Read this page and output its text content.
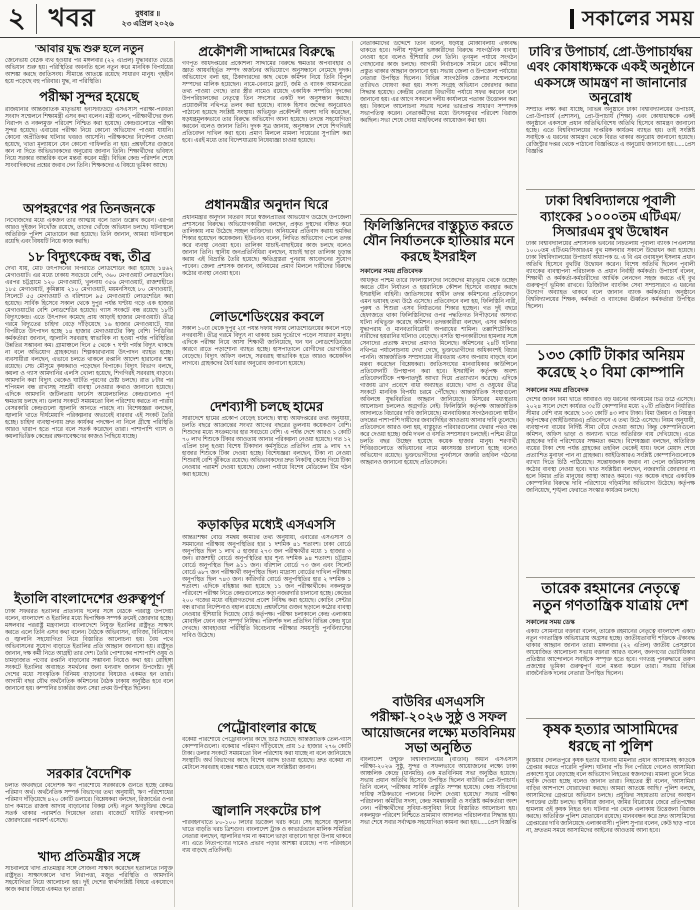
২ খবর	বুধবার ॥
২৩ এপ্রিল ২০২৬	সকালের সময়
'আবার যুদ্ধ শুরু হলে নতুন
জেনেভায় বৈঠক ব্যর্থ হওয়ার পর মঙ্গলবার (২২ এপ্রিল) যুদ্ধবিরতি ভেঙে অভিযান শুরু হয়। পরিস্থিতির অবনতি হলে নতুন করে মানবিক বিপর্যয়ের আশঙ্কা করছে জাতিসংঘ। সীমান্তে আতঙ্কে রয়েছে সাধারণ মানুষ। গৃহহীন হয়ে পড়েছে বহু পরিবার। যুদ্ধ, না পরিস্থিতি।
পরীক্ষা সুন্দর হয়েছে
রাজধানীর আন্তর্জাতিক মাতৃভাষা ইনস্টিটিউটে এসএসসি পরীক্ষা-পরবর্তী সংবাদ সম্মেলনে শিক্ষামন্ত্রী এসব কথা বলেন। মন্ত্রী বলেন, পরীক্ষার্থীদের জন্য নিরাপদ ও নকলমুক্ত পরিবেশ নিশ্চিত করা হয়েছে। কেন্দ্রগুলোতে পরীক্ষা সুন্দর হয়েছে। এবারের পরীক্ষা নিয়ে কোনো অভিযোগ পাওয়া যায়নি। কোনো অপ্রীতিকর ঘটনার খবরও আসেনি। পরীক্ষকদের নির্দেশনা দেওয়া হয়েছে, খাতা মূল্যায়নে যেন কোনো গাফিলতি না হয়। প্রশ্নফাঁসের গুজবে কান না দিতে অভিভাবকদের অনুরোধ জানান তিনি। শিক্ষার্থীদের ভবিষ্যৎ নিয়ে সরকার আন্তরিক বলে মন্তব্য করেন মন্ত্রী। বিভিন্ন কেন্দ্র পরিদর্শন শেষে সাংবাদিকদের প্রশ্নের জবাব দেন তিনি। শিক্ষকদের এ বিষয়ে ভূমিকা আছে।
অপহরণের পর তিনজনকে
নিখোঁজদের মধ্যে একজন তার আত্মীয় বলে তিনি উল্লেখ করেন। এরপর আরও দুইজন নিখোঁজ রয়েছে, তাদের খোঁজে অভিযান চলছে। ঘটনাস্থলে অতিরিক্ত পুলিশ মোতায়েন করা হয়েছে। তিনি জানান, আমরা ঘটনাস্থলে রয়েছি এবং বিষয়টি নিয়ে কাজ করছি।
১৮ বিদ্যুৎকেন্দ্র বন্ধ, তীব্র
দেখা যায়, মোট উৎপাদনের বিপরীতে লোডশেডিং করা হয়েছে ১৪৬২ মেগাওয়াট। এর মধ্যে ঢাকায় সবচেয়ে বেশি, ৩৬০ মেগাওয়াট লোডশেডিং। এরপর চট্টগ্রামে ১২০ মেগাওয়াট, খুলনায় ৩৫৬ মেগাওয়াট, রাজশাহীতে ১৮৫ মেগাওয়াট, কুমিল্লায় ২১০ মেগাওয়াট, ময়মনসিংহে ৮০ মেগাওয়াট, সিলেটে ৫৫ মেগাওয়াট ও বরিশালে ৯৫ মেগাওয়াট লোডশেডিং করা হয়েছে। সার্বিক হিসেবে সকাল থেকে দুপুর পর্যন্ত ঘণ্টায় গড়ে এক হাজার মেগাওয়াটের বেশি লোডশেডিং হয়েছে। গ্যাস সংকটে বন্ধ রয়েছে ১৮টি বিদ্যুৎকেন্দ্র। এতে উৎপাদন কমেছে প্রায় আড়াই হাজার মেগাওয়াট। তীব্র গরমে বিদ্যুতের চাহিদা বেড়ে দাঁড়িয়েছে ১৬ হাজার মেগাওয়াটে, যার বিপরীতে উৎপাদন হচ্ছে ১৪ হাজার মেগাওয়াটের কিছু বেশি। পিডিবির কর্মকর্তারা জানান, জ্বালানি সরবরাহ স্বাভাবিক না হওয়া পর্যন্ত পরিস্থিতির উন্নতির সম্ভাবনা কম। গ্রামাঞ্চলে দিনে ৫ থেকে ৭ ঘণ্টা পর্যন্ত বিদ্যুৎ থাকছে না বলে অভিযোগ গ্রাহকদের। শিল্পকারখানায় উৎপাদন ব্যাহত হচ্ছে। ব্যবসায়ীরা বলছেন, এভাবে চলতে থাকলে রপ্তানি আদেশ হারানোর শঙ্কা রয়েছে। সেচ মৌসুমে কৃষকরাও পড়েছেন বিপাকে। বিদ্যুৎ বিভাগ বলছে, কয়লা ও গ্যাস আমদানির এলসি খোলা হয়েছে, শিগগিরই সরবরাহ বাড়বে। আমদানি করা বিদ্যুৎ থেকেও ঘাটতি পূরণের চেষ্টা চলছে। রাত ৮টার পর শপিংমল বন্ধ রাখাসহ সাশ্রয়ী ব্যবস্থা নেওয়ার কথাও জানানো হয়েছে। এদিকে আমদানি জটিলতায় ফার্নেস অয়েলচালিত কেন্দ্রগুলোও পূর্ণ ক্ষমতায় চলছে না। ডলার সংকটে সময়মতো বিল পরিশোধ করতে না পারায় বেসরকারি কেন্দ্রগুলো জ্বালানি আনতে পারছে না। বিশেষজ্ঞরা বলছেন, জ্বালানি খাতে দীর্ঘমেয়াদি পরিকল্পনার অভাবেই বারবার এই সংকট তৈরি হচ্ছে। চাহিদা ব্যবস্থাপনায় দ্রুত কার্যকর পদক্ষেপ না নিলে গ্রীষ্মে পরিস্থিতি আরও খারাপ হতে পারে বলে সতর্ক করেছেন তারা। পাশাপাশি গ্যাস ও কয়লাভিত্তিক কেন্দ্রের রক্ষণাবেক্ষণের কাজও পিছিয়ে যাচ্ছে।
ইতালি বাংলাদেশের গুরুত্বপূর্ণ
ঢাকা সফররত ইতালির প্রতিনিধি দলের সঙ্গে বৈঠকে পররাষ্ট্র উপদেষ্টা বলেন, বাংলাদেশ ও ইতালির মধ্যে দ্বিপাক্ষিক সম্পর্ক ক্রমেই জোরদার হচ্ছে। মঙ্গলবার পররাষ্ট্র মন্ত্রণালয়ে বাংলাদেশে নিযুক্ত ইতালির রাষ্ট্রদূত সাক্ষাৎ করতে এলে তিনি এসব কথা বলেন। বৈঠকে অভিবাসন, বাণিজ্য, বিনিয়োগ ও জ্বালানি সহযোগিতা নিয়ে বিস্তারিত আলোচনা হয়। বৈধ পথে অভিবাসনের সুযোগ বাড়াতে ইতালির প্রতি আহ্বান জানানো হয়। রাষ্ট্রদূত জানান, দক্ষ কর্মী নিতে আগ্রহী তার দেশ। তৈরি পোশাকের পাশাপাশি ওষুধ ও চামড়াজাত পণ্যের রপ্তানি বাড়ানোর সম্ভাবনা নিয়েও কথা হয়। রোহিঙ্গা সংকটে ইতালির অব্যাহত সমর্থনের জন্য ধন্যবাদ জানান উপদেষ্টা। দুই দেশের মধ্যে সাংস্কৃতিক বিনিময় বাড়ানোর বিষয়েও একমত হন তারা। আগামী বছর যৌথ অর্থনৈতিক কমিশনের বৈঠক ঢাকায় অনুষ্ঠিত হবে বলে জানানো হয়। কম্পানির চাকরির জন্য সেরা প্রথম উপস্থিত ছিলেন।
সরকার বৈদেশিক
চলতি অর্থবছরে বৈদেশিক ঋণ পরিশোধে সরকারকে গুনতে হচ্ছে রেকর্ড পরিমাণ অর্থ। অর্থনৈতিক সম্পর্ক বিভাগের তথ্য অনুযায়ী, ঋণ পরিশোধের পরিমাণ দাঁড়িয়েছে ৪২০ কোটি ডলারে। বিশ্লেষকরা বলছেন, রিজার্ভের ওপর চাপ কমাতে রাজস্ব আদায় বাড়ানোর বিকল্প নেই। নতুন ঋণচুক্তির ক্ষেত্রে সতর্ক থাকার পরামর্শও দিয়েছেন তারা। বাজেটে ঘাটতি ব্যবস্থাপনা জোরদারের পরামর্শ এসেছে।
খাদ্য প্রতিমন্ত্রীর সঙ্গে
সচিবালয়ে খাদ্য প্রতিমন্ত্রীর সঙ্গে সৌজন্য সাক্ষাৎ করেছেন ইতালিতে নিযুক্ত রাষ্ট্রদূত। সাক্ষাৎকালে খাদ্য নিরাপত্তা, মজুত পরিস্থিতি ও আমদানি সহযোগিতা নিয়ে আলোচনা হয়। দুই দেশের স্বার্থসংশ্লিষ্ট বিষয়ে একযোগে কাজ করার বিষয়ে একমত হন তারা।
প্রকৌশলী সাদ্দামের বিরুদ্ধে
গণপূর্ত অধিদপ্তরের প্রকৌশলী সাদ্দামের বিরুদ্ধে ক্ষমতার অপব্যবহার ও জ্ঞাত আয়বহির্ভূত সম্পদ অর্জনের অভিযোগে অনুসন্ধানে নেমেছে দুদক। অভিযোগে বলা হয়, ঠিকাদারদের কাছ থেকে কমিশন নিয়ে তিনি বিপুল সম্পদের মালিক হয়েছেন। নামে-বেনামে ফ্ল্যাট, জমি ও ব্যাংক আমানতের তথ্য পাওয়া গেছে। তার স্ত্রীর নামেও রয়েছে একাধিক সম্পত্তি। দুদকের উপপরিচালকের নেতৃত্বে তিন সদস্যের একটি দল অনুসন্ধান করছে। প্রয়োজনীয় নথিপত্র তলব করা হয়েছে। ব্যাংক হিসাব জব্দের অনুরোধও পাঠানো হয়েছে সংশ্লিষ্ট সংস্থায়। অভিযুক্ত প্রকৌশলী অবশ্য দাবি করেছেন, ষড়যন্ত্রমূলকভাবে তার বিরুদ্ধে অভিযোগ আনা হয়েছে। তদন্তে সহযোগিতা করবেন বলেও জানান তিনি। দুদক সূত্র জানায়, অনুসন্ধান শেষে শিগগিরই প্রতিবেদন দাখিল করা হবে। প্রমাণ মিললে মামলা দায়েরের সুপারিশ করা হবে। এরই মধ্যে তার বিদেশযাত্রায় নিষেধাজ্ঞা চাওয়া হয়েছে।
প্রধানমন্ত্রীর অনুদান ঘিরে
প্রধানমন্ত্রীর অনুদান বিতরণ ঘিরে স্বজনপ্রীতির অভিযোগ উঠেছে উপজেলা প্রশাসনের বিরুদ্ধে। অভিযোগকারীরা বলছেন, প্রকৃত দুস্থদের বঞ্চিত করে তালিকায় নাম উঠেছে সচ্ছল ব্যক্তিদের। অনিয়মের প্রতিবাদ করায় হুমকির শিকার হয়েছেন কয়েকজন। ইউএনও বলেন, লিখিত অভিযোগ পেলে তদন্ত করে ব্যবস্থা নেওয়া হবে। তালিকা যাচাই-বাছাইয়ের কাজ চলছে বলেও জানান তিনি। স্থানীয় জনপ্রতিনিধিরা বলছেন, যাচাই ছাড়া তালিকা চূড়ান্ত করায় এই বিভ্রান্তি তৈরি হয়েছে। ক্ষতিগ্রস্তরা পুনরায় আবেদনের সুযোগ পাবেন। জেলা প্রশাসক জানান, অনিয়মের প্রমাণ মিললে দায়ীদের বিরুদ্ধে কঠোর ব্যবস্থা নেওয়া হবে।
লোডশেডিংয়ের কবলে
সকাল ১০টা থেকে দুপুর ২টা পর্যন্ত দফায় দফায় লোডশেডিংয়ের কবলে পড়ে নগরবাসী। তীব্র গরমে বিদ্যুৎ না থাকায় চরম দুর্ভোগে পড়েন সাধারণ মানুষ। এদিকে পরীক্ষা নিয়ে আসা শিক্ষার্থী জানিয়েছে, ঘন ঘন লোডশেডিংয়ের কারণে রাতে পড়াশোনা ব্যাহত হচ্ছে। হাসপাতালে রোগীদের ভোগান্তিও বেড়েছে। বিদ্যুৎ অফিস বলছে, সরবরাহ স্বাভাবিক হতে আরও কয়েকদিন লাগবে। গ্রাহকদের ধৈর্য ধরার অনুরোধ জানানো হয়েছে।
দেশব্যাপী চলছে হামের
সারাদেশে হামের প্রকোপ বেড়েই চলেছে। স্বাস্থ্য অধিদপ্তরের তথ্য অনুযায়ী, চলতি বছরে আক্রান্তের সংখ্যা আগের বছরের তুলনায় কয়েকগুণ বেশি। শিশুদের মধ্যে সংক্রমণের হার সবচেয়ে বেশি। এ পর্যন্ত দেশে আরও ১ কোটি ৭০ লাখ শিশুকে টিকার আওতায় আনার পরিকল্পনা নেওয়া হয়েছে। গত ১২ এপ্রিল চালু হওয়া বিশেষ টিকাদান কর্মসূচিতে প্রতিদিন প্রায় ৯ লাখ ৭৭ হাজার শিশুকে টিকা দেওয়া হচ্ছে। বিশেষজ্ঞরা বলছেন, টিকা না নেওয়া শিশুরাই বেশি ঝুঁকিতে রয়েছে। অভিভাবকদের দ্রুত নিকটস্থ কেন্দ্রে গিয়ে টিকা নেওয়ার পরামর্শ দেওয়া হয়েছে। জেলা পর্যায়ে বিশেষ মেডিকেল টিম গঠন করা হয়েছে।
কড়াকড়ির মধ্যেই এসএসসি
আন্তঃশিক্ষা বোর্ড সমন্বয় কমিটির তথ্য অনুযায়ী, এবারের এসএসসি ও সমমানের পরীক্ষায় অনুপস্থিতির হার ১ দশমিক ৪১ শতাংশ। ঢাকা বোর্ডে অনুপস্থিত ছিল ১ লাখ ৫ হাজার ২৭৩ জন পরীক্ষার্থীর মধ্যে ১ হাজার ৩ জন। রাজশাহী বোর্ডে অনুপস্থিতির হার শূন্য দশমিক ৯৪ শতাংশ। চট্টগ্রাম বোর্ডে অনুপস্থিত ছিল ৯১১ জন। বরিশাল বোর্ডে ৭৩ জন এবং সিলেট বোর্ডে ৬৮৭ জন পরীক্ষার্থী অনুপস্থিত ছিল। মাদ্রাসা বোর্ডের দাখিল পরীক্ষায় অনুপস্থিত ছিল ৭৪৩ জন। কারিগরি বোর্ডে অনুপস্থিতির হার ২ দশমিক ১ শতাংশ। এদিকে বহিষ্কার করা হয়েছে ১১ জন পরীক্ষার্থীকে। নকলমুক্ত পরিবেশে পরীক্ষা নিতে কেন্দ্রগুলোতে কড়া নজরদারি চালানো হচ্ছে। কেন্দ্রের ২০০ গজের মধ্যে বহিরাগতদের প্রবেশ নিষিদ্ধ করা হয়েছে। কোচিং সেন্টার বন্ধ রাখার নির্দেশনাও বহাল রয়েছে। প্রশ্নফাঁসের গুজব ছড়ালে কঠোর ব্যবস্থা নেওয়ার হুঁশিয়ারি দিয়েছে বোর্ড কর্তৃপক্ষ। পরীক্ষা চলাকালে কেন্দ্র এলাকায় মোবাইল ফোন বহন সম্পূর্ণ নিষিদ্ধ। পরিদর্শক দল প্রতিদিন বিভিন্ন কেন্দ্র ঘুরে দেখছে। আবহাওয়া পরিস্থিতি বিবেচনায় পরীক্ষার সময়সূচি পুনর্বিন্যাসের দাবিও উঠেছে।
পেট্রোবাংলার কাছে
বকেয়া পরিশোধে পেট্রোবাংলার কাছে চিঠি দিয়েছে আন্তর্জাতিক তেল-গ্যাস কোম্পানিগুলো। বকেয়ার পরিমাণ দাঁড়িয়েছে প্রায় ১৫ হাজার ২৭৬ কোটি টাকা। ডলার সংকটে সময়মতো বিল পরিশোধ করা যাচ্ছে না বলে জানিয়েছে সংস্থাটি। অর্থ বিভাগের কাছে বিশেষ বরাদ্দ চাওয়া হয়েছে। দ্রুত বকেয়া না মেটালে সরবরাহ বন্ধের শঙ্কাও রয়েছে বলে সংশ্লিষ্টরা জানান।
জ্বালানি সংকটের চাপ
পরিবহনখাতে ৮০-১০০ লিটার ডিজেল খরচ করে। সেই হিসেবে জ্বালানি খাতে বাড়তি খরচ ত্রিশগুণ। বাংলাদেশ ট্রাক ও কাভার্ডভ্যান মালিক সমিতির নেতারা বলছেন, জ্বালানির দাম না কমালে ভাড়া বাড়ানো ছাড়া উপায় থাকবে না। এতে নিত্যপণ্যের দামেও প্রভাব পড়ার আশঙ্কা রয়েছে। পণ্য পরিবহনে ব্যয় বাড়ছে প্রতিদিনই।
নেতাকর্মীদের উদ্দেশে তিনি বলেন, ষড়যন্ত্র মোকাবিলায় ঐক্যবদ্ধ থাকতে হবে। দলীয় শৃঙ্খলা ভঙ্গকারীদের বিরুদ্ধে সাংগঠনিক ব্যবস্থা নেওয়া হবে বলেও হুঁশিয়ারি দেন তিনি। তৃণমূল পর্যায়ে সংগঠন গোছানোর কাজ চলছে। আগামী নির্বাচনকে সামনে রেখে কর্মীদের প্রস্তুত থাকার আহ্বান জানানো হয়। সভায় জেলা ও উপজেলা পর্যায়ের নেতারা উপস্থিত ছিলেন। বিভিন্ন সাংগঠনিক জেলার সম্মেলনের তারিখও ঘোষণা করা হয়। সদস্য সংগ্রহ অভিযান জোরদার করার সিদ্ধান্ত হয়েছে। কেন্দ্রীয় নেতারা বিভাগীয় পর্যায়ে সফর করবেন বলে জানানো হয়। এর আগে সকালে দলীয় কার্যালয়ে পতাকা উত্তোলন করা হয়। বিকালে আলোচনা সভায় দলের ভারপ্রাপ্ত সাধারণ সম্পাদক সভাপতিত্ব করেন। নেতাকর্মীদের মধ্যে উৎসবমুখর পরিবেশ বিরাজ করছিল। সভা শেষে দোয়া মাহফিলের আয়োজন করা হয়।
ফিলিস্তিনিদের বাস্তুচ্যুত করতে যৌন নির্যাতনকে হাতিয়ার মনে করছে ইসরাইল
সকালের সময় প্রতিবেদক
অধিকৃত পশ্চিম তীরে ফিলিস্তিনিদের নিজেদের মাতৃভূমি থেকে উচ্ছেদ করতে যৌন নির্যাতন ও হয়রানিকে কৌশল হিসেবে ব্যবহার করছে ইসরাইলি বাহিনী। জাতিসংঘের স্বাধীন তদন্ত কমিশনের প্রতিবেদনে এমন ভয়াবহ তথ্য উঠে এসেছে। প্রতিবেদনে বলা হয়, ফিলিস্তিনি নারী, পুরুষ ও শিশুরা এসব নির্যাতনের শিকার হচ্ছেন। গত দুই বছরে হেফাজতে থাকা ফিলিস্তিনিদের ওপর পদ্ধতিগত নিপীড়নের অসংখ্য ঘটনা নথিভুক্ত করেছে কমিশন। তদন্তকারীরা বলছেন, এসব কর্মকাণ্ড যুদ্ধাপরাধ ও মানবতাবিরোধী অপরাধের শামিল। তল্লাশিচৌকিতে নারীদের হয়রানির ঘটনাও বেড়েছে। বসতি স্থাপনকারীদের হামলার সঙ্গে সেনাদের প্রত্যক্ষ মদদের প্রমাণও মিলেছে। কমিশনের ২৪টি ঘটনার নথিপত্র পর্যালোচনায় দেখা গেছে, ভুক্তভোগীদের অধিকাংশই বিচার পাননি। আন্তর্জাতিক সম্প্রদায়ের নীরবতায় এসব অপরাধ বাড়ছে বলে মন্তব্য করেছেন বিশ্লেষকরা। জাতিসংঘের মানবাধিকার কাউন্সিলে প্রতিবেদনটি উপস্থাপন করা হবে। ইসরাইলি কর্তৃপক্ষ অবশ্য প্রতিবেদনটিকে পক্ষপাতদুষ্ট আখ্যা দিয়ে প্রত্যাখ্যান করেছে। এদিকে গাজায় ত্রাণ প্রবেশে বাধা অব্যাহত রয়েছে। খাদ্য ও ওষুধের তীব্র সংকটে মানবিক বিপর্যয় চরমে পৌঁছেছে। আন্তর্জাতিক সংস্থাগুলো অবিলম্বে যুদ্ধবিরতির আহ্বান জানিয়েছে। মিসরের মধ্যস্থতায় আলোচনা চললেও অগ্রগতি নেই। ফিলিস্তিনি কর্তৃপক্ষ আন্তর্জাতিক আদালতে বিচারের দাবি জানিয়েছে। মানবাধিকার সংগঠনগুলো স্বাধীন তদন্তের পাশাপাশি দায়ীদের জবাবদিহির আওতায় আনার দাবি তুলেছে। প্রতিবেদনে আরও বলা হয়, বাস্তুচ্যুত পরিবারগুলোর ফেরার পথও বন্ধ করে দেওয়া হচ্ছে। জমি দখল ও বসতি সম্প্রসারণ চলছেই। পশ্চিম তীরে চলতি বছর উচ্ছেদ হয়েছে কয়েক হাজার মানুষ। শরণার্থী শিবিরগুলোতে অভিযানের নামে ধ্বংসযজ্ঞ চালানো হচ্ছে বলেও অভিযোগ রয়েছে। ভুক্তভোগীদের পুনর্বাসনে জরুরি তহবিল গঠনের আহ্বানও জানানো হয়েছে প্রতিবেদনে।
বাউবির এসএসসি পরীক্ষা-২০২৬ সুষ্ঠু ও সফল আয়োজনের লক্ষ্যে মতবিনিময় সভা অনুষ্ঠিত
বাংলাদেশ উন্মুক্ত বিশ্ববিদ্যালয়ের (বাউবি) অধীন এসএসসি পরীক্ষা-২০২৬ সুষ্ঠু, সুন্দর ও সফলভাবে আয়োজনের লক্ষ্যে ঢাকা আঞ্চলিক কেন্দ্রে (ধানমন্ডি) এক মতবিনিময় সভা অনুষ্ঠিত হয়েছে। সভায় প্রধান অতিথি হিসেবে উপস্থিত ছিলেন বাউবির প্রো-উপাচার্য। তিনি বলেন, 'পরীক্ষার সার্বিক প্রস্তুতি সম্পন্ন হয়েছে। কেন্দ্র সচিবদের দায়িত্ব সঠিকভাবে পালনের নির্দেশ দেওয়া হয়েছে।' সভায় পরীক্ষা পরিচালনা কমিটির সদস্য, কেন্দ্র সমন্বয়কারী ও সংশ্লিষ্ট কর্মকর্তারা অংশ নেন। পরীক্ষার্থীদের সুবিধা-অসুবিধা নিয়ে বিস্তারিত আলোচনা হয়। নকলমুক্ত পরিবেশ নিশ্চিতে ভ্রাম্যমাণ আদালত পরিচালনার সিদ্ধান্ত হয়। সভা শেষে সবার সর্বাত্মক সহযোগিতা কামনা করা হয়।......প্রেস বিজ্ঞপ্তি
ঢাবি'র উপাচার্য, প্রো-উপাচার্যদ্বয় এবং কোষাধ্যক্ষকে একই অনুষ্ঠানে একসঙ্গে আমন্ত্রণ না জানানোর অনুরোধ
সম্প্রতি লক্ষ্য করা যাচ্ছে, বিভিন্ন অনুষ্ঠানে ঢাকা বিশ্ববিদ্যালয়ের উপাচার্য, প্রো-উপাচার্য (প্রশাসন), প্রো-উপাচার্য (শিক্ষা) এবং কোষাধ্যক্ষকে একই অনুষ্ঠানে একসঙ্গে প্রধান অতিথি/বিশেষ অতিথি হিসেবে আমন্ত্রণ জানানো হচ্ছে। এতে বিশ্ববিদ্যালয়ের দাপ্তরিক কার্যক্রম ব্যাহত হয়। তাই সংশ্লিষ্ট সবাইকে এ ধরনের আমন্ত্রণ থেকে বিরত থাকার অনুরোধ জানানো হয়েছে। রেজিস্ট্রার দপ্তর থেকে পাঠানো বিজ্ঞপ্তিতে এ অনুরোধ জানানো হয়।......প্রেস বিজ্ঞপ্তি
ঢাকা বিশ্ববিদ্যালয়ে পূবালী ব্যাংকের ১০০০তম এটিএম/সিআরএম বুথ উদ্বোধন
ঢাকা বিশ্ববিদ্যালয়ের প্রশাসনিক ভবনের নিচতলায় পূবালী ব্যাংক পিএলসির ১০০০তম এটিএম/সিআরএম বুথ মঙ্গলবার সকালে উদ্বোধন করা হয়েছে। ঢাকা বিশ্ববিদ্যালয়ের উপাচার্য অধ্যাপক ড. এ বি এম ওবায়দুল ইসলাম প্রধান অতিথি হিসেবে বুথটির উদ্বোধন করেন। বিশেষ অতিথি ছিলেন পূবালী ব্যাংকের ব্যবস্থাপনা পরিচালক ও প্রধান নির্বাহী কর্মকর্তা। উপাচার্য বলেন, শিক্ষার্থী ও কর্মকর্তা-কর্মচারীদের আর্থিক লেনদেন সহজ করতে এই বুথ গুরুত্বপূর্ণ ভূমিকা রাখবে। ডিজিটাল ব্যাংকিং সেবা সম্প্রসারণে এ ধরনের উদ্যোগ অব্যাহত থাকবে বলে জানান ব্যাংক কর্মকর্তারা। অনুষ্ঠানে বিশ্ববিদ্যালয়ের শিক্ষক, কর্মকর্তা ও ব্যাংকের ঊর্ধ্বতন কর্মকর্তারা উপস্থিত ছিলেন।
১৩৩ কোটি টাকার অনিয়ম করেছে ২০ বিমা কোম্পানি
সকালের সময় প্রতিবেদক
দেশের জীবন বিমা খাতে আবারও বড় ধরনের অনিয়মের চিত্র উঠে এসেছে। ২০২৪ সালে দেশে কার্যরত ৩৫টি কোম্পানির মধ্যে ২০টি প্রতিষ্ঠান নির্ধারিত সীমার বেশি ব্যয় করেছে ১৩৩ কোটি ৪৩ লাখ টাকা। বিমা উন্নয়ন ও নিয়ন্ত্রণ কর্তৃপক্ষের (আইডিআরএ) প্রতিবেদনে এ তথ্য উঠে এসেছে। নিয়ম অনুযায়ী, ব্যবস্থাপনা ব্যয়ের নির্দিষ্ট সীমা বেঁধে দেওয়া আছে। কিন্তু কোম্পানিগুলো কমিশন, অফিস ভাড়া ও অন্যান্য খাতে অতিরিক্ত ব্যয় দেখিয়েছে। এতে গ্রাহকের দাবি পরিশোধের সক্ষমতা কমছে। বিশেষজ্ঞরা বলছেন, অতিরিক্ত ব্যয়ের টাকা শেষ পর্যন্ত গ্রাহকের তহবিল থেকেই যায়। ফলে মেয়াদ শেষে প্রত্যাশিত মুনাফা পান না গ্রাহকরা। আইডিআরএ সংশ্লিষ্ট কোম্পানিগুলোকে ব্যাখ্যা দিতে চিঠি পাঠিয়েছে। সন্তোষজনক জবাব না পেলে জরিমানাসহ কঠোর ব্যবস্থা নেওয়া হবে। খাত সংশ্লিষ্টরা বলছেন, নজরদারি জোরদার না হলে বিমার প্রতি মানুষের আস্থা আরও কমবে। গত কয়েক বছরে একাধিক কোম্পানির বিরুদ্ধে দাবি পরিশোধে গড়িমসির অভিযোগ উঠেছে। কর্তৃপক্ষ জানিয়েছে, শৃঙ্খলা ফেরাতে সংস্কার কার্যক্রম চলছে।
তারেক রহমানের নেতৃত্বে নতুন গণতান্ত্রিক যাত্রায় দেশ
সকালের সময় ডেস্ক
একটি সেমিনারে বক্তারা বলেন, তারেক রহমানের নেতৃত্বে বাংলাদেশ একটি নতুন গণতান্ত্রিক অভিযাত্রায় অগ্রসর হচ্ছে। জাতীয়তাবাদী শক্তিকে ঐক্যবদ্ধ থাকার আহ্বান জানান তারা। মঙ্গলবার (২২ এপ্রিল) জাতীয় প্রেসক্লাবে আয়োজিত আলোচনা সভায় বক্তারা আরও বলেন, জনগণের ভোটাধিকার প্রতিষ্ঠার আন্দোলনে সবাইকে সম্পৃক্ত হতে হবে। গণতন্ত্র পুনরুদ্ধারে তরুণ প্রজন্মের ভূমিকা গুরুত্বপূর্ণ বলে মন্তব্য করেন তারা। সভায় বিভিন্ন রাজনৈতিক দলের নেতারা উপস্থিত ছিলেন।
কৃষক হত্যার আসামিদের ধরছে না পুলিশ
কুষ্টিয়ার দৌলতপুরে কৃষক হত্যার ঘটনায় মামলার প্রধান আসামিসহ কাউকে গ্রেপ্তার করতে পারেনি পুলিশ। ঘটনার পাঁচ দিন পেরিয়ে গেলেও আসামিরা প্রকাশ্যে ঘুরে বেড়াচ্ছে বলে অভিযোগ নিহতের স্বজনদের। মামলা তুলে নিতে হুমকি দেওয়া হচ্ছে বলেও জানান তারা। নিহতের স্ত্রী বলেন, 'আসামিরা বাড়ির আশপাশে ঘোরাফেরা করছে। আমরা আতঙ্কে আছি।' পুলিশ বলছে, আসামিদের গ্রেপ্তারে অভিযান চলছে। প্রযুক্তির সহায়তায় তাদের অবস্থান শনাক্তের চেষ্টা চলছে। স্থানীয়রা জানান, জমির বিরোধের জেরে প্রতিপক্ষের হামলায় ওই কৃষক নিহত হন। ঘটনার পর থেকে এলাকায় উত্তেজনা বিরাজ করছে। অতিরিক্ত পুলিশ মোতায়েন রয়েছে। মানববন্ধন করে দ্রুত আসামিদের গ্রেপ্তারের দাবি জানিয়েছে এলাকাবাসী। পুলিশ সুপার বলেন, কেউ ছাড় পাবে না, দ্রুততম সময়ে আসামিদের আইনের আওতায় আনা হবে।
